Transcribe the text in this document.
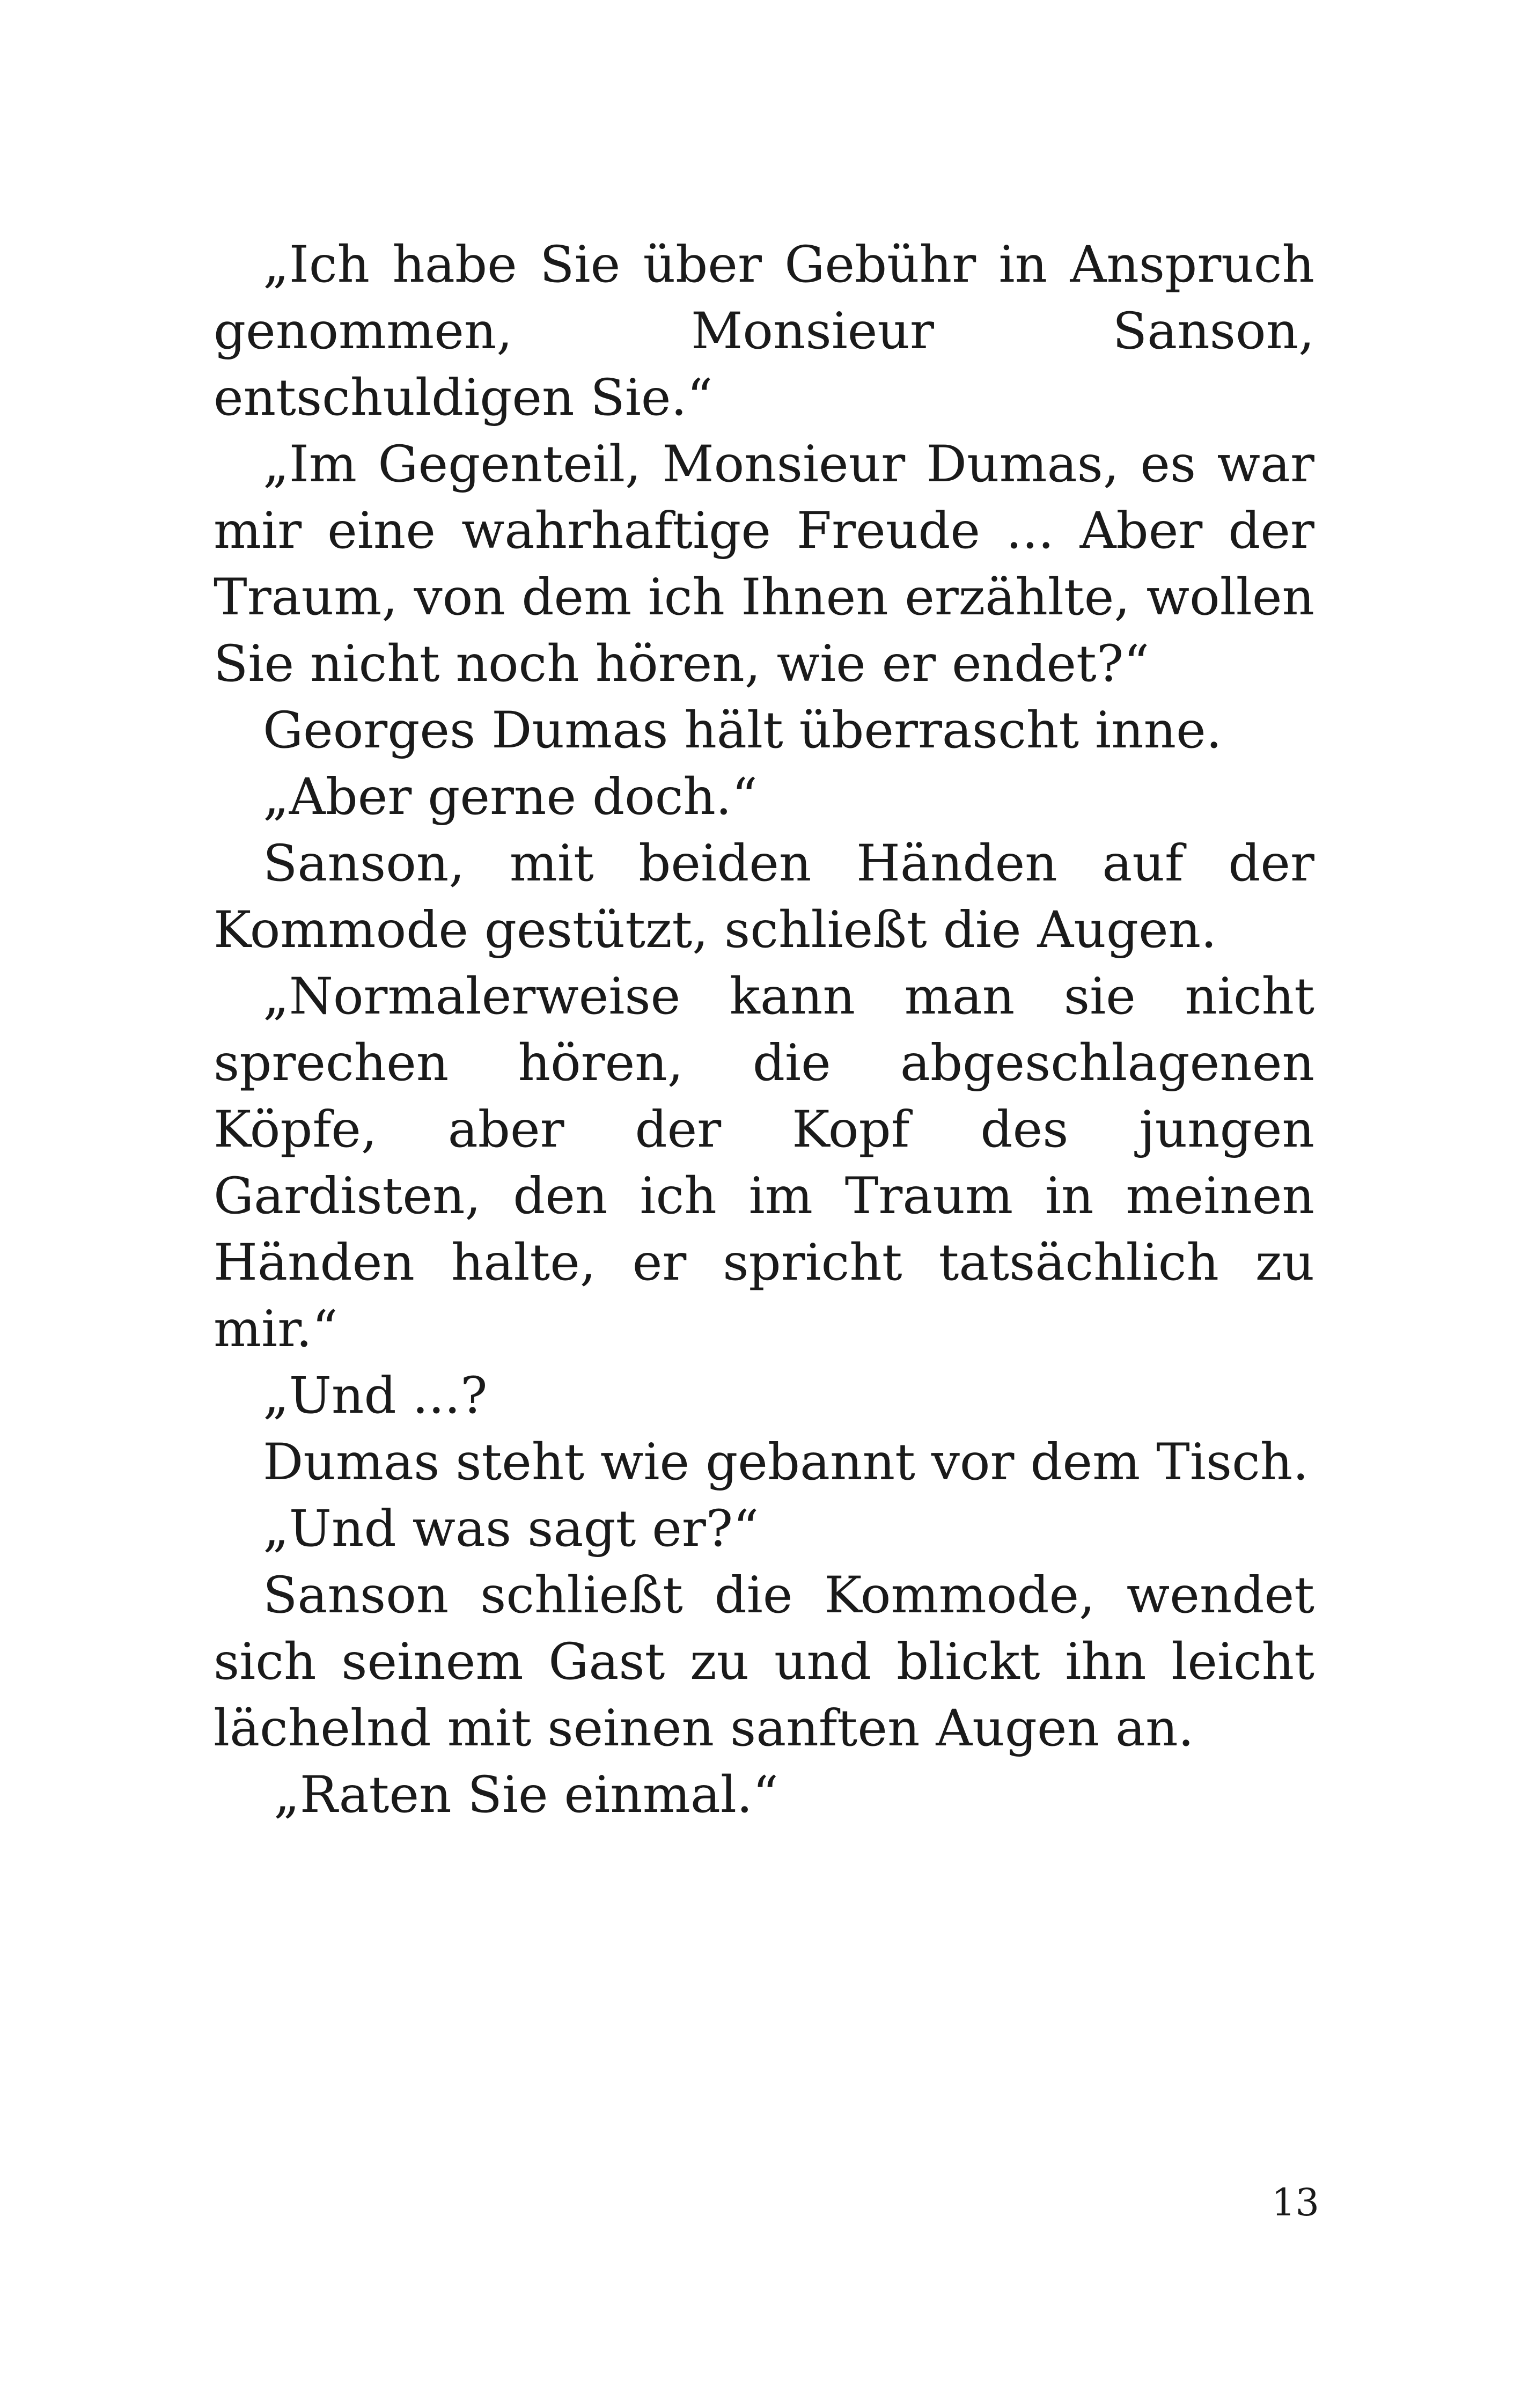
„Ich habe Sie über Gebühr in Anspruch genommen, Monsieur Sanson, entschuldigen Sie.“

„Im Gegenteil, Monsieur Dumas, es war mir eine wahrhaftige Freude ... Aber der Traum, von dem ich Ihnen erzählte, wollen Sie nicht noch hören, wie er endet?“

Georges Dumas hält überrascht inne.

„Aber gerne doch.“

Sanson, mit beiden Händen auf der Kommode gestützt, schließt die Augen.

„Normalerweise kann man sie nicht sprechen hören, die abgeschlagenen Köpfe, aber der Kopf des jungen Gardisten, den ich im Traum in meinen Händen halte, er spricht tatsächlich zu mir.“

„Und ...?

Dumas steht wie gebannt vor dem Tisch.

„Und was sagt er?“

Sanson schließt die Kommode, wendet sich seinem Gast zu und blickt ihn leicht lächelnd mit seinen sanften Augen an.

„Raten Sie einmal.“

13
